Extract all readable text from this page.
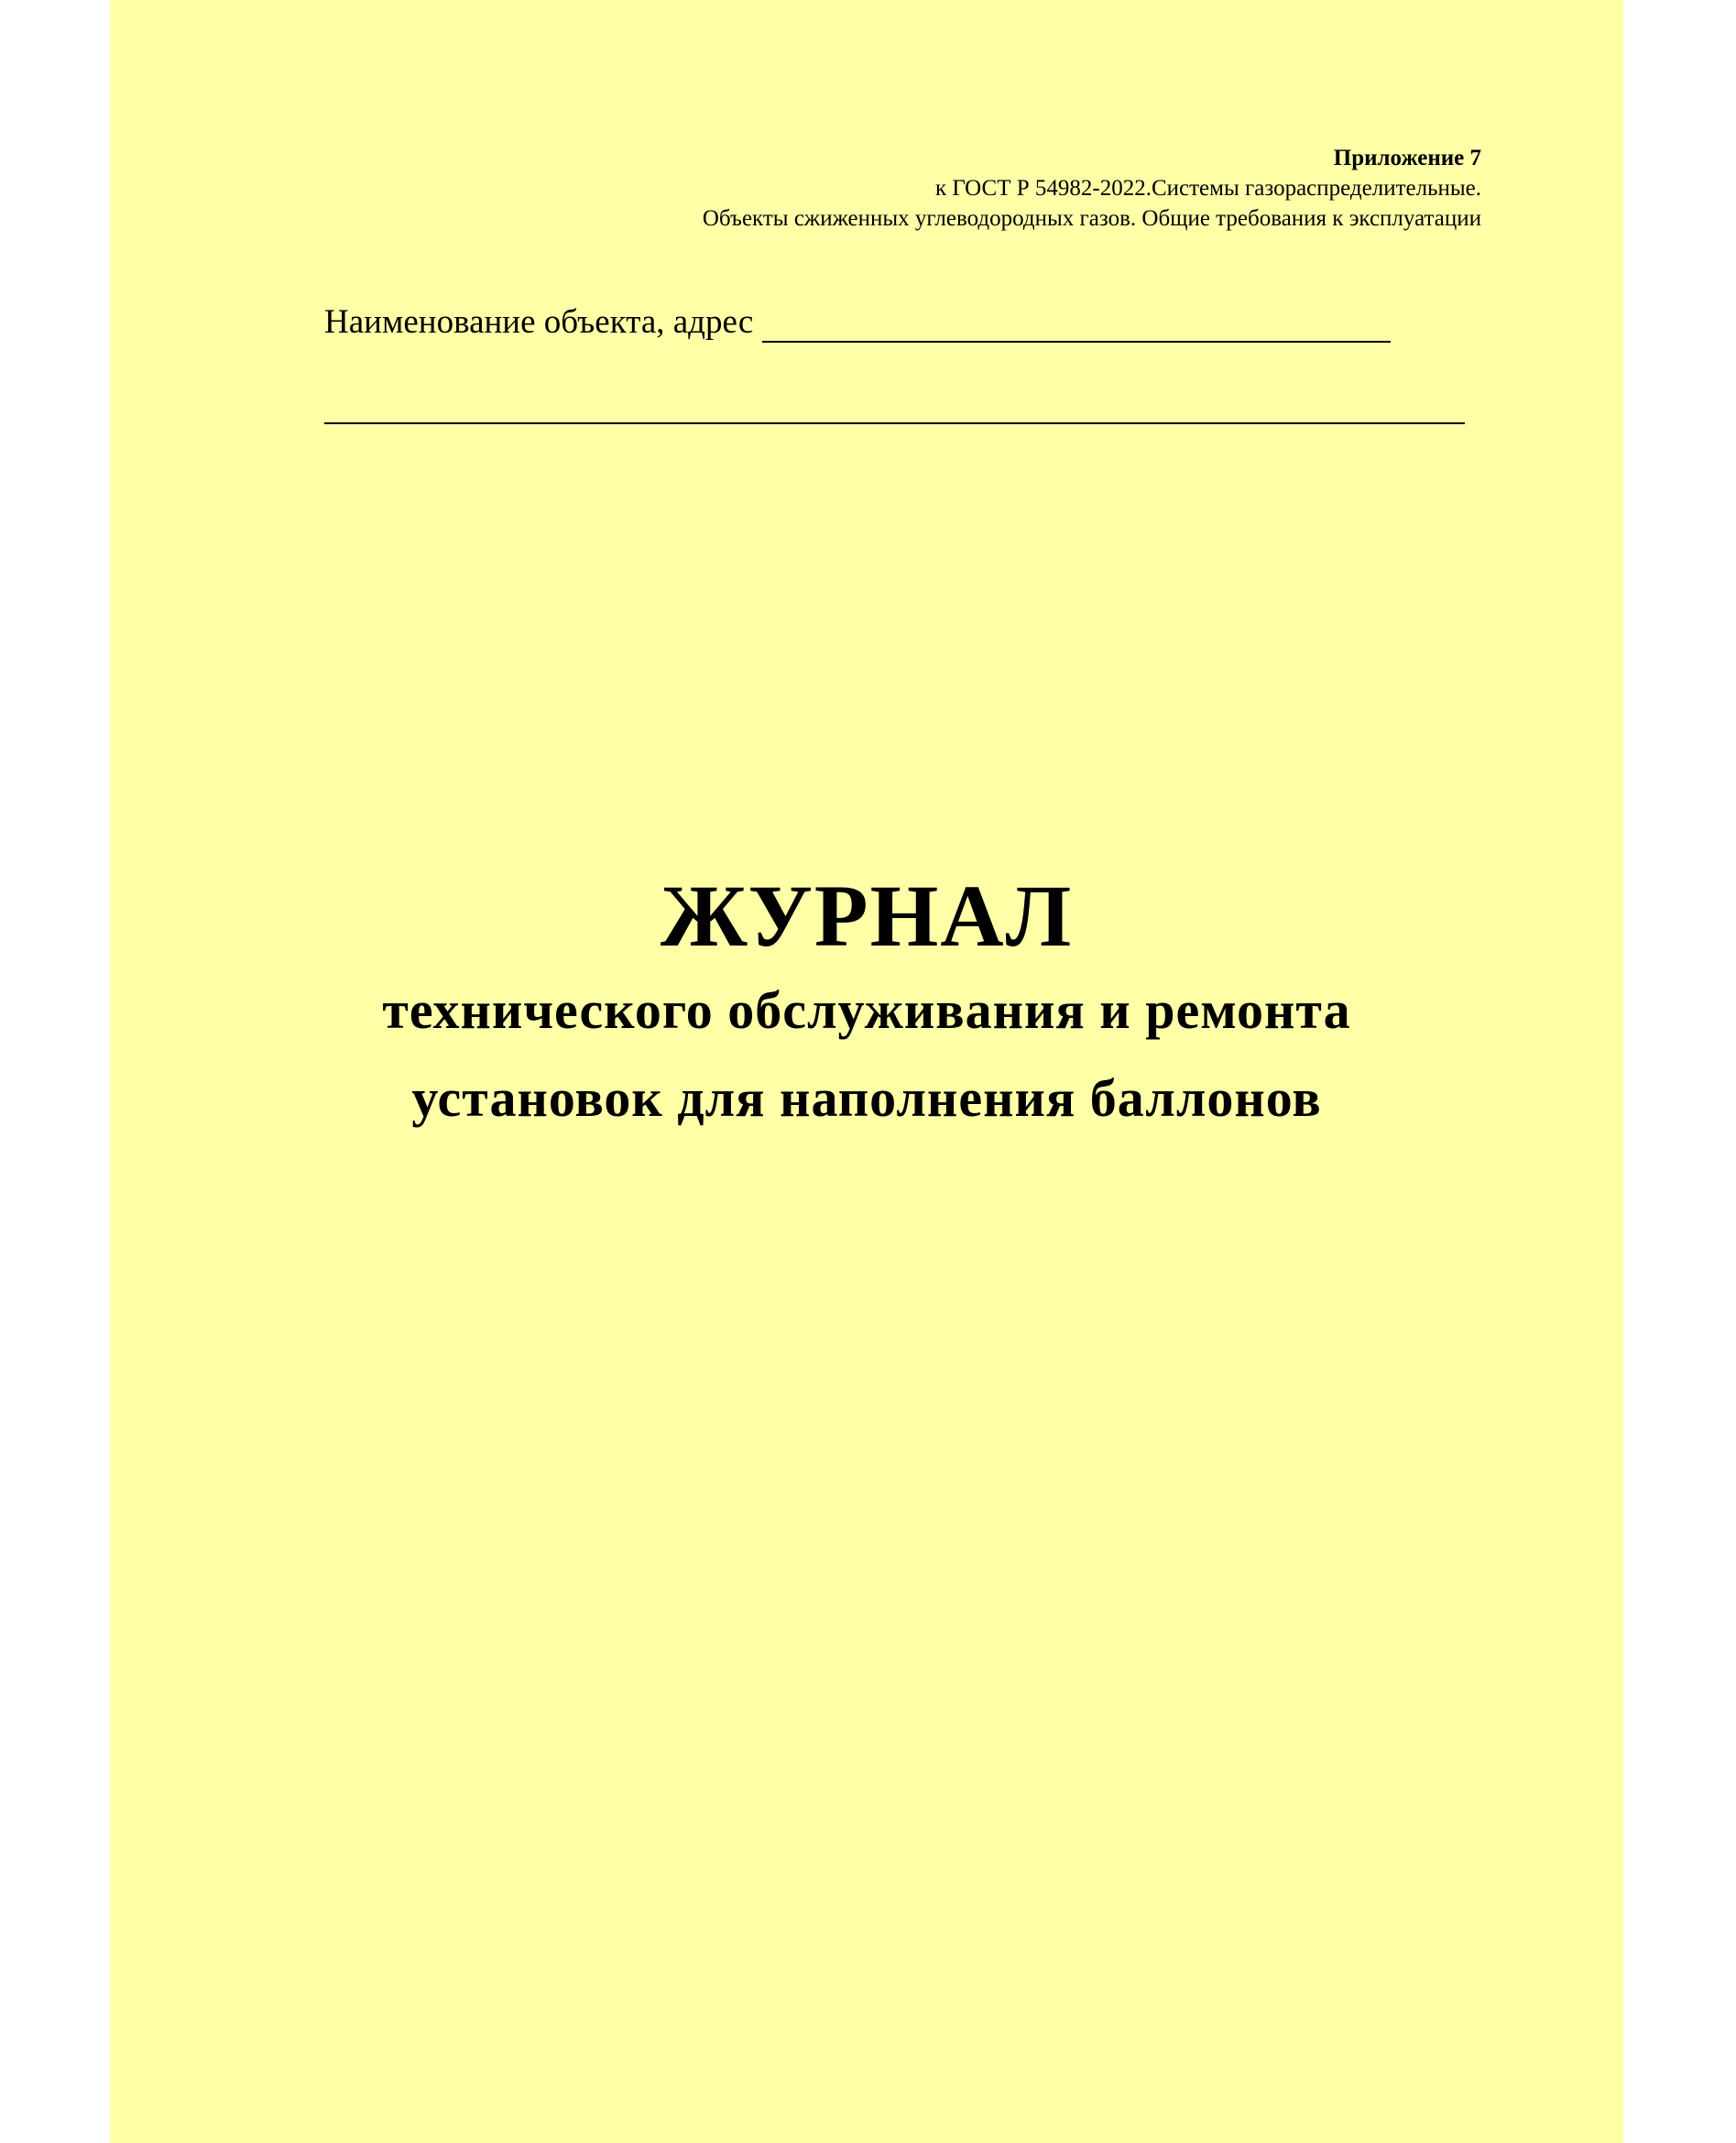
Приложение 7
к ГОСТ Р 54982-2022.Системы газораспределительные.
Объекты сжиженных углеводородных газов. Общие требования к эксплуатации
Наименование объекта, адрес
ЖУРНАЛ
технического обслуживания и ремонта
установок для наполнения баллонов
